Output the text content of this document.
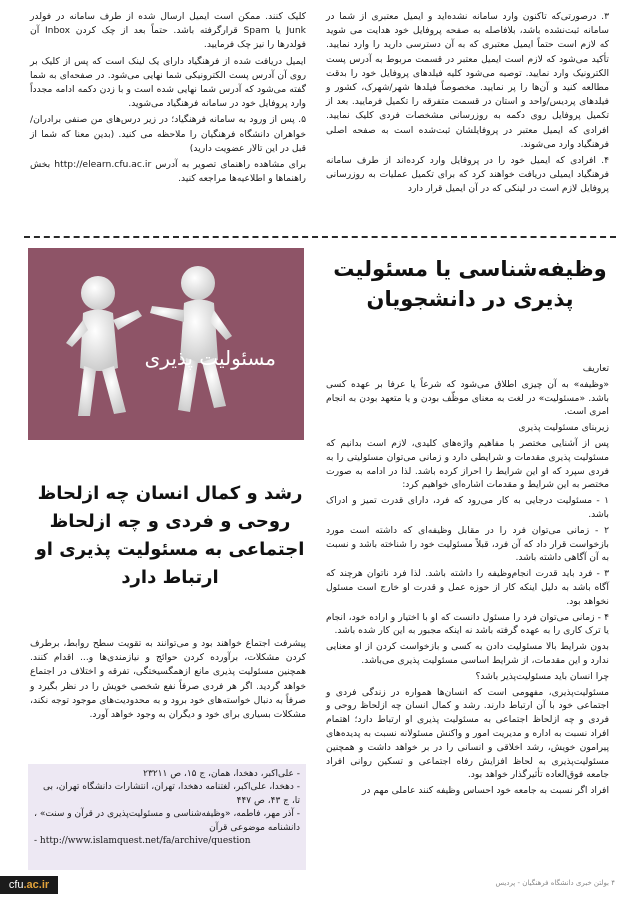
۳. درصورتی‌که تاکنون وارد سامانه نشده‌اید و ایمیل معتبری از شما در سامانه ثبت‌نشده باشد، بلافاصله به صفحه پروفایل خود هدایت می شوید که لازم است حتماً ایمیل معتبری که به آن دسترسی دارید را وارد نمایید. تأکید می‌شود که لازم است ایمیل معتبر در قسمت مربوط به آدرس پست الکترونیک وارد نمایید. توصیه می‌شود کلیه فیلدهای پروفایل خود را بدقت مطالعه کنید و آن‌ها را پر نمایید. مخصوصاً فیلدها شهر/شهرک، کشور و فیلدهای پردیس/واحد و استان در قسمت متفرقه را تکمیل فرمایید. بعد از تکمیل پروفایل روی دکمه به روزرسانی مشخصات فردی کلیک نمایید. افرادی که ایمیل معتبر در پروفایلشان ثبت‌شده است به صفحه اصلی فرهنگیاد وارد می‌شوند.

۴. افرادی که ایمیل خود را در پروفایل وارد کرده‌اند از طرف سامانه فرهنگیاد ایمیلی دریافت خواهند کرد که برای تکمیل عملیات به روزرسانی پروفایل لازم است در لینکی که در آن ایمیل قرار دارد

کلیک کنند. ممکن است ایمیل ارسال شده از طرف سامانه در فولدر Junk یا Spam قرارگرفته باشد. حتماً بعد از چک کردن Inbox آن فولدرها را نیز چک فرمایید.

ایمیل دریافت شده از فرهنگیاد دارای یک لینک است که پس از کلیک بر روی آن آدرس پست الکترونیکی شما نهایی می‌شود. در صفحه‌ای به شما گفته می‌شود که آدرس شما نهایی شده است و با زدن دکمه ادامه مجدداً وارد پروفایل خود در سامانه فرهنگیاد می‌شوید.

۵. پس از ورود به سامانه فرهنگیاد؛ در زیر درس‌های من صنفی برادران/خواهران دانشگاه فرهنگیان را ملاحظه می کنید. (بدین معنا که شما از قبل در این تالار عضویت دارید)

برای مشاهده راهنمای تصویر به آدرس http://elearn.cfu.ac.ir بخش راهنماها و اطلاعیه‌ها مراجعه کنید.

وظیفه‌شناسی یا مسئولیت پذیری در دانشجویان
مسئولیت پذیری
رشد و کمال انسان چه ازلحاظ روحی و فردی و چه ازلحاظ اجتماعی به مسئولیت پذیری او ارتباط دارد

تعاریف

«وظیفه» به آن چیزی اطلاق می‌شود که شرعاً یا عرفا بر عهده کسی باشد. «مسئولیت» در لغت به معنای موظّف بودن و یا متعهد بودن به انجام امری است.

زیربنای مسئولیت پذیری

پس از آشنایی مختصر با مفاهیم واژه‌های کلیدی، لازم است بدانیم که مسئولیت پذیری مقدمات و شرایطی دارد و زمانی می‌توان مسئولیتی را به فردی سپرد که او این شرایط را احراز کرده باشد. لذا در ادامه به صورت مختصر به این شرایط و مقدمات اشاره‌ای خواهیم کرد:

۱ - مسئولیت درجایی به کار می‌رود که فرد، دارای قدرت تمیز و ادراک باشد.

۲ - زمانی می‌توان فرد را در مقابل وظیفه‌ای که داشته است مورد بازخواست قرار داد که آن فرد، قبلاً مسئولیت خود را شناخته باشد و نسبت به آن آگاهی داشته باشد.

۳ - فرد باید قدرت انجام‌وظیفه را داشته باشد. لذا فرد ناتوان هرچند که آگاه باشد به دلیل اینکه کار از حوزه عمل و قدرت او خارج است مسئول نخواهد بود.

۴ - زمانی می‌توان فرد را مسئول دانست که او با اختیار و اراده خود، انجام یا ترک کاری را به عهده گرفته باشد نه اینکه مجبور به این کار شده باشد.

بدون شرایط بالا مسئولیت دادن به کسی و بازخواست کردن از او معنایی ندارد و این مقدمات، از شرایط اساسی مسئولیت پذیری می‌باشد.

چرا انسان باید مسئولیت‌پذیر باشد؟

مسئولیت‌پذیری، مفهومی است که انسان‌ها همواره در زندگی فردی و اجتماعی خود با آن ارتباط دارند. رشد و کمال انسان چه ازلحاظ روحی و فردی و چه ازلحاظ اجتماعی به مسئولیت پذیری او ارتباط دارد؛ اهتمام افراد نسبت به اداره و مدیریت امور و واکنش مسئولانه نسبت به پدیده‌های پیرامون خویش، رشد اخلاقی و انسانی را در بر خواهد داشت و همچنین مسئولیت‌پذیری به لحاظ افزایش رفاه اجتماعی و تسکین روانی افراد جامعه فوق‌العاده تأثیرگذار خواهد بود.

افراد اگر نسبت به جامعه خود احساس وظیفه کنند عاملی مهم در

پیشرفت اجتماع خواهند بود و می‌توانند به تقویت سطح روابط، برطرف کردن مشکلات، برآورده کردن حوائج و نیازمندی‌ها و... اقدام کنند. همچنین مسئولیت پذیری مانع ازهمگسیختگی، تفرقه و اختلاف در اجتماع خواهد گردید. اگر هر فردی صرفاً نفع شخصی خویش را در نظر بگیرد و صرفاً به دنبال خواسته‌های خود برود و به محدودیت‌های موجود توجه نکند، مشکلات بسیاری برای خود و دیگران به وجود خواهد آورد.

- علی‌اکبر، دهخدا، همان، ج ۱۵، ص ۲۳۲۱۱

- دهخدا، علی‌اکبر، لغتنامه دهخدا، تهران، انتشارات دانشگاه تهران، بی تا، ج ۴۳، ص ۴۴۷

- آذر مهر، فاطمه، «وظیفه‌شناسی و مسئولیت‌پذیری در قرآن و سنت» ، دانشنامه موضوعی قرآن

- http://www.islamquest.net/fa/archive/question

cfu.ac.ir	۴ بولتن خبری دانشگاه فرهنگیان - پردیس
